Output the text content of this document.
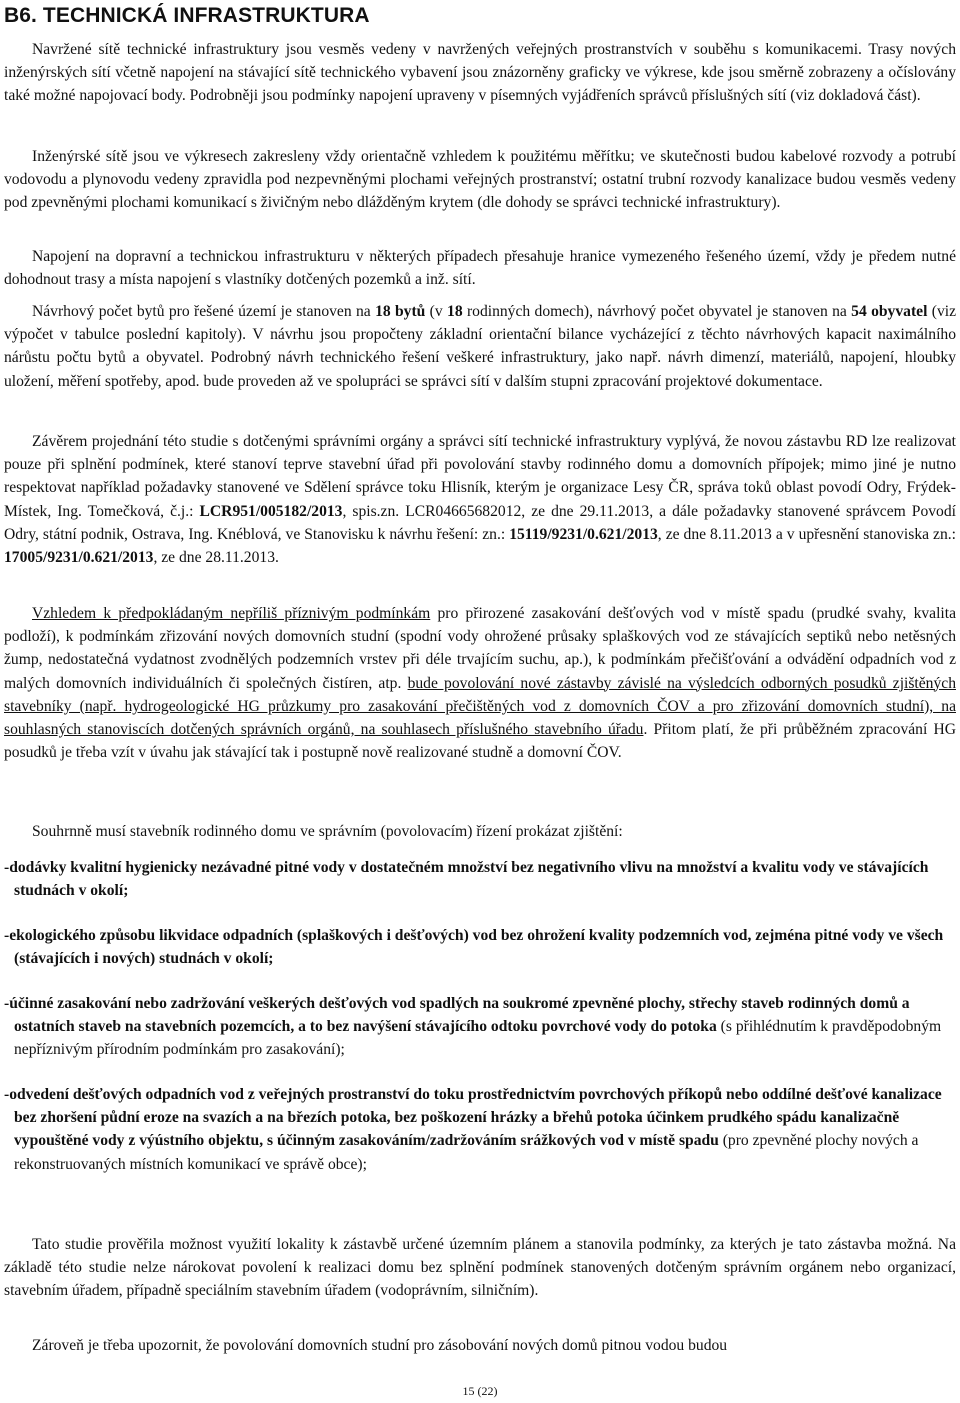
B6. TECHNICKÁ INFRASTRUKTURA

Navržené sítě technické infrastruktury jsou vesměs vedeny v navržených veřejných prostranstvích v souběhu s komunikacemi. Trasy nových inženýrských sítí včetně napojení na stávající sítě technického vybavení jsou znázorněny graficky ve výkrese, kde jsou směrně zobrazeny a očíslovány také možné napojovací body. Podrobněji jsou podmínky napojení upraveny v písemných vyjádřeních správců příslušných sítí (viz dokladová část).

Inženýrské sítě jsou ve výkresech zakresleny vždy orientačně vzhledem k použitému měřítku; ve skutečnosti budou kabelové rozvody a potrubí vodovodu a plynovodu vedeny zpravidla pod nezpevněnými plochami veřejných prostranství; ostatní trubní rozvody kanalizace budou vesměs vedeny pod zpevněnými plochami komunikací s živičným nebo dlážděným krytem (dle dohody se správci technické infrastruktury).

Napojení na dopravní a technickou infrastrukturu v některých případech přesahuje hranice vymezeného řešeného území, vždy je předem nutné dohodnout trasy a místa napojení s vlastníky dotčených pozemků a inž. sítí.

Návrhový počet bytů pro řešené území je stanoven na 18 bytů (v 18 rodinných domech), návrhový počet obyvatel je stanoven na 54 obyvatel (viz výpočet v tabulce poslední kapitoly). V návrhu jsou propočteny základní orientační bilance vycházející z těchto návrhových kapacit naximálního nárůstu počtu bytů a obyvatel. Podrobný návrh technického řešení veškeré infrastruktury, jako např. návrh dimenzí, materiálů, napojení, hloubky uložení, měření spotřeby, apod. bude proveden až ve spolupráci se správci sítí v dalším stupni zpracování projektové dokumentace.

Závěrem projednání této studie s dotčenými správními orgány a správci sítí technické infrastruktury vyplývá, že novou zástavbu RD lze realizovat pouze při splnění podmínek, které stanoví teprve stavební úřad při povolování stavby rodinného domu a domovních přípojek; mimo jiné je nutno respektovat například požadavky stanovené ve Sdělení správce toku Hlisník, kterým je organizace Lesy ČR, správa toků oblast povodí Odry, Frýdek-Místek, Ing. Tomečková, č.j.: LCR951/005182/2013, spis.zn. LCR04665682012, ze dne 29.11.2013, a dále požadavky stanovené správcem Povodí Odry, státní podnik, Ostrava, Ing. Knéblová, ve Stanovisku k návrhu řešení: zn.: 15119/9231/0.621/2013, ze dne 8.11.2013 a v upřesnění stanoviska zn.: 17005/9231/0.621/2013, ze dne 28.11.2013.

Vzhledem k předpokládaným nepříliš příznivým podmínkám pro přirozené zasakování dešťových vod v místě spadu (prudké svahy, kvalita podloží), k podmínkám zřizování nových domovních studní (spodní vody ohrožené průsaky splaškových vod ze stávajících septiků nebo netěsných žump, nedostatečná vydatnost zvodnělých podzemních vrstev při déle trvajícím suchu, ap.), k podmínkám přečišťování a odvádění odpadních vod z malých domovních individuálních či společných čistíren, atp. bude povolování nové zástavby závislé na výsledcích odborných posudků zjištěných stavebníky (např. hydrogeologické HG průzkumy pro zasakování přečištěných vod z domovních ČOV a pro zřizování domovních studní), na souhlasných stanoviscích dotčených správních orgánů, na souhlasech příslušného stavebního úřadu. Přitom platí, že při průběžném zpracování HG posudků je třeba vzít v úvahu jak stávající tak i postupně nově realizované studně a domovní ČOV.

Souhrnně musí stavebník rodinného domu ve správním (povolovacím) řízení prokázat zjištění:

-dodávky kvalitní hygienicky nezávadné pitné vody v dostatečném množství bez negativního vlivu na množství a kvalitu vody ve stávajících studnách v okolí;

-ekologického způsobu likvidace odpadních (splaškových i dešťových) vod bez ohrožení kvality podzemních vod, zejména pitné vody ve všech (stávajících i nových) studnách v okolí;

-účinné zasakování nebo zadržování veškerých dešťových vod spadlých na soukromé zpevněné plochy, střechy staveb rodinných domů a ostatních staveb na stavebních pozemcích, a to bez navýšení stávajícího odtoku povrchové vody do potoka (s přihlédnutím k pravděpodobným nepříznivým přírodním podmínkám pro zasakování);

-odvedení dešťových odpadních vod z veřejných prostranství do toku prostřednictvím povrchových příkopů nebo oddílné dešťové kanalizace bez zhoršení půdní eroze na svazích a na březích potoka, bez poškození hrázky a břehů potoka účinkem prudkého spádu kanalizačně vypouštěné vody z výústního objektu, s účinným zasakováním/zadržováním srážkových vod v místě spadu (pro zpevněné plochy nových a rekonstruovaných místních komunikací ve správě obce);

Tato studie prověřila možnost využití lokality k zástavbě určené územním plánem a stanovila podmínky, za kterých je tato zástavba možná. Na základě této studie nelze nárokovat povolení k realizaci domu bez splnění podmínek stanovených dotčeným správním orgánem nebo organizací, stavebním úřadem, případně speciálním stavebním úřadem (vodoprávním, silničním).

Zároveň je třeba upozornit, že povolování domovních studní pro zásobování nových domů pitnou vodou budou

15 (22)
